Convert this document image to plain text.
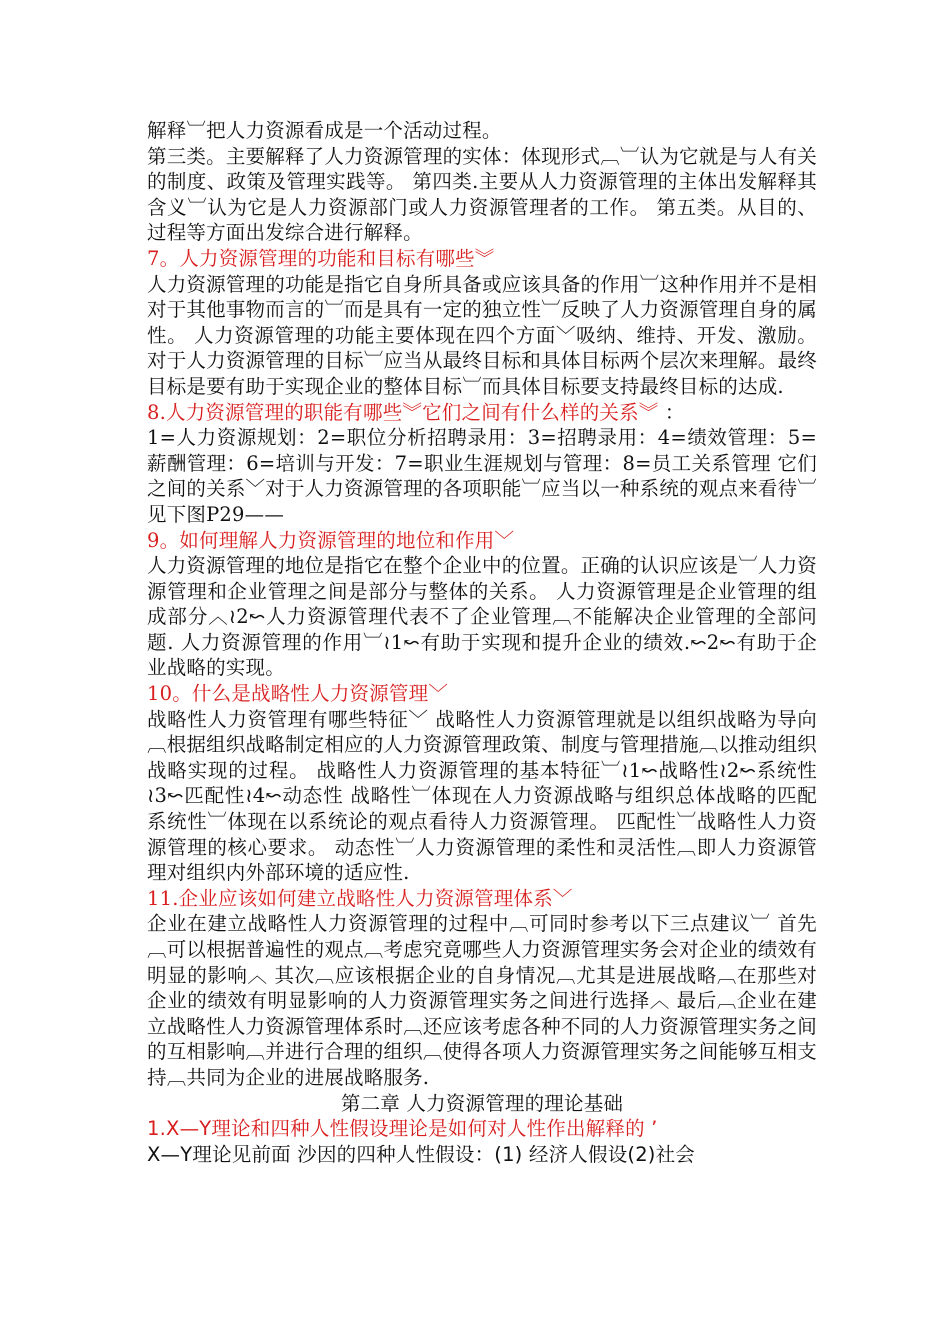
解释︺把人力资源看成是一个活动过程。

第三类。主要解释了人力资源管理的实体：体现形式︹︺认为它就是与人有关的制度、政策及管理实践等。 第四类.主要从人力资源管理的主体出发解释其含义︺认为它是人力资源部门或人力资源管理者的工作。 第五类。从目的、过程等方面出发综合进行解释。

7。人力资源管理的功能和目标有哪些︾

人力资源管理的功能是指它自身所具备或应该具备的作用︺这种作用并不是相对于其他事物而言的︺而是具有一定的独立性︺反映了人力资源管理自身的属性。 人力资源管理的功能主要体现在四个方面﹀吸纳、维持、开发、激励。 对于人力资源管理的目标︺应当从最终目标和具体目标两个层次来理解。最终目标是要有助于实现企业的整体目标︺而具体目标要支持最终目标的达成.

8.人力资源管理的职能有哪些︾它们之间有什么样的关系︾ ：

1=人力资源规划：2=职位分析招聘录用：3=招聘录用：4=绩效管理：5=薪酬管理：6=培训与开发：7=职业生涯规划与管理：8=员工关系管理 它们之间的关系﹀对于人力资源管理的各项职能︺应当以一种系统的观点来看待︺见下图P29——

9。如何理解人力资源管理的地位和作用﹀

人力资源管理的地位是指它在整个企业中的位置。正确的认识应该是︺人力资源管理和企业管理之间是部分与整体的关系。 人力资源管理是企业管理的组成部分︿≀2↜人力资源管理代表不了企业管理︹不能解决企业管理的全部问题. 人力资源管理的作用︺≀1↜有助于实现和提升企业的绩效.↜2↜有助于企业战略的实现。

10。什么是战略性人力资源管理﹀

战略性人力资管理有哪些特征﹀ 战略性人力资源管理就是以组织战略为导向︹根据组织战略制定相应的人力资源管理政策、制度与管理措施︹以推动组织战略实现的过程。 战略性人力资源管理的基本特征︺≀1↜战略性≀2↜系统性≀3↜匹配性≀4↜动态性 战略性︺体现在人力资源战略与组织总体战略的匹配 系统性︺体现在以系统论的观点看待人力资源管理。 匹配性︺战略性人力资源管理的核心要求。 动态性︺人力资源管理的柔性和灵活性︹即人力资源管理对组织内外部环境的适应性.

11.企业应该如何建立战略性人力资源管理体系﹀

企业在建立战略性人力资源管理的过程中︹可同时参考以下三点建议︺ 首先︹可以根据普遍性的观点︹考虑究竟哪些人力资源管理实务会对企业的绩效有明显的影响︿ 其次︹应该根据企业的自身情况︹尤其是进展战略︹在那些对企业的绩效有明显影响的人力资源管理实务之间进行选择︿ 最后︹企业在建立战略性人力资源管理体系时︹还应该考虑各种不同的人力资源管理实务之间的互相影响︹并进行合理的组织︹使得各项人力资源管理实务之间能够互相支持︹共同为企业的进展战略服务.

第二章 人力资源管理的理论基础

1.X—Y理论和四种人性假设理论是如何对人性作出解释的 ’

X—Y理论见前面 沙因的四种人性假设：(1) 经济人假设(2)社会
